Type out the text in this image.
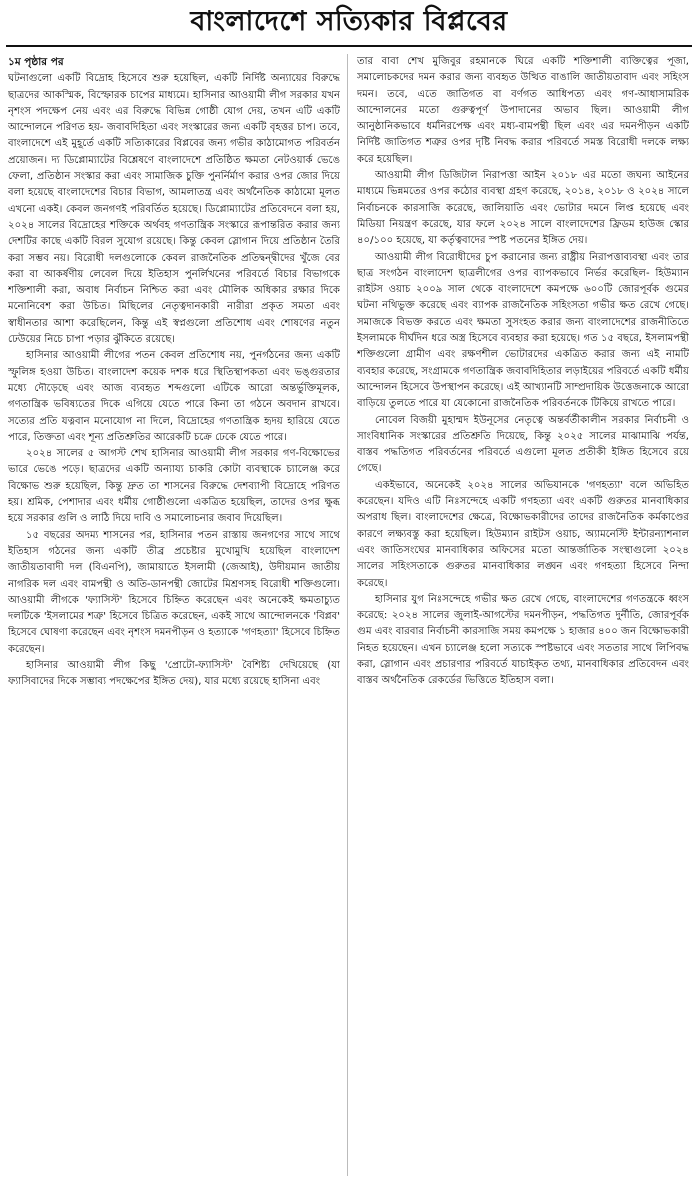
বাংলাদেশে সত্যিকার বিপ্লবের
১ম পৃষ্ঠার পর

ঘটনাগুলো একটি বিদ্রোহ হিসেবে শুরু হয়েছিল, একটি নির্দিষ্ট অন্যায়ের বিরুদ্ধে ছাত্রদের আকস্মিক, বিস্ফোরক চাপের মাধ্যমে। হাসিনার আওয়ামী লীগ সরকার যখন নৃশংস পদক্ষেপ নেয় এবং এর বিরুদ্ধে বিভিন্ন গোষ্ঠী যোগ দেয়, তখন এটি একটি আন্দোলনে পরিণত হয়- জবাবদিহিতা এবং সংস্কারের জন্য একটি বৃহত্তর চাপ। তবে, বাংলাদেশে এই মুহূর্তে একটি সত্যিকারের বিপ্লবের জন্য গভীর কাঠামোগত পরিবর্তন প্রয়োজন। দ্য ডিপ্লোম্যাটের বিশ্লেষণে বাংলাদেশে প্রতিষ্ঠিত ক্ষমতা নেটওয়ার্ক ভেঙে ফেলা, প্রতিষ্ঠান সংস্কার করা এবং সামাজিক চুক্তি পুনর্নির্মাণ করার ওপর জোর দিয়ে বলা হয়েছে বাংলাদেশের বিচার বিভাগ, আমলাতন্ত্র এবং অর্থনৈতিক কাঠামো মূলত এখনো একই। কেবল জনগণই পরিবর্তিত হয়েছে। ডিপ্লোম্যাটের প্রতিবেদনে বলা হয়, ২০২৪ সালের বিদ্রোহের শক্তিকে অর্থবহ গণতান্ত্রিক সংস্কারে রূপান্তরিত করার জন্য দেশটির কাছে একটি বিরল সুযোগ রয়েছে। কিন্তু কেবল স্লোগান দিয়ে প্রতিষ্ঠান তৈরি করা সম্ভব নয়। বিরোধী দলগুলোকে কেবল রাজনৈতিক প্রতিদ্বন্দ্বীদের খুঁজে বের করা বা আকর্ষণীয় লেবেল দিয়ে ইতিহাস পুনর্লিখনের পরিবর্তে বিচার বিভাগকে শক্তিশালী করা, অবাধ নির্বাচন নিশ্চিত করা এবং মৌলিক অধিকার রক্ষার দিকে মনোনিবেশ করা উচিত। মিছিলের নেতৃত্বদানকারী নারীরা প্রকৃত সমতা এবং স্বাধীনতার আশা করেছিলেন, কিন্তু এই স্বপ্নগুলো প্রতিশোধ এবং শোষণের নতুন ঢেউয়ের নিচে চাপা পড়ার ঝুঁকিতে রয়েছে।

হাসিনার আওয়ামী লীগের পতন কেবল প্রতিশোধ নয়, পুনর্গঠনের জন্য একটি স্ফুলিঙ্গ হওয়া উচিত। বাংলাদেশ কয়েক দশক ধরে স্থিতিস্থাপকতা এবং ভঙ্গুরতার মধ্যে দৌড়েছে এবং আজ ব্যবহৃত শব্দগুলো এটিকে আরো অন্তর্ভুক্তিমূলক, গণতান্ত্রিক ভবিষ্যতের দিকে এগিয়ে যেতে পারে কিনা তা গঠনে অবদান রাখবে। সত্যের প্রতি যত্নবান মনোযোগ না দিলে, বিদ্রোহের গণতান্ত্রিক হৃদয় হারিয়ে যেতে পারে, তিক্ততা এবং শূন্য প্রতিশ্রুতির আরেকটি চক্রে ঢেকে যেতে পারে।

২০২৪ সালের ৫ আগস্ট শেখ হাসিনার আওয়ামী লীগ সরকার গণ-বিক্ষোভের ভারে ভেঙে পড়ে। ছাত্রদের একটি অন্যায্য চাকরি কোটা ব্যবস্থাকে চ্যালেঞ্জ করে বিক্ষোভ শুরু হয়েছিল, কিন্তু দ্রুত তা শাসনের বিরুদ্ধে দেশব্যাপী বিদ্রোহে পরিণত হয়। শ্রমিক, পেশাদার এবং ধর্মীয় গোষ্ঠীগুলো একত্রিত হয়েছিল, তাদের ওপর ক্ষুব্ধ হয়ে সরকার গুলি ও লাঠি দিয়ে দাবি ও সমালোচনার জবাব দিয়েছিল।

১৫ বছরের অদম্য শাসনের পর, হাসিনার পতন রাস্তায় জনগণের সাথে সাথে ইতিহাস গঠনের জন্য একটি তীব্র প্রচেষ্টার মুখোমুখি হয়েছিল বাংলাদেশ জাতীয়তাবাদী দল (বিএনপি), জামায়াতে ইসলামী (জেআই), উদীয়মান জাতীয় নাগরিক দল এবং বামপন্থী ও অতি-ডানপন্থী জোটের মিশ্রণসহ বিরোধী শক্তিগুলো। আওয়ামী লীগকে 'ফ্যাসিস্ট' হিসেবে চিহ্নিত করেছেন এবং অনেকেই ক্ষমতাচ্যুত দলটিকে 'ইসলামের শত্রু' হিসেবে চিত্রিত করেছেন, একই সাথে আন্দোলনকে 'বিপ্লব' হিসেবে ঘোষণা করেছেন এবং নৃশংস দমনপীড়ন ও হত্যাকে 'গণহত্যা' হিসেবে চিহ্নিত করেছেন।

হাসিনার আওয়ামী লীগ কিছু 'প্রোটো-ফ্যাসিস্ট' বৈশিষ্ট্য দেখিয়েছে (যা ফ্যাসিবাদের দিকে সম্ভাব্য পদক্ষেপের ইঙ্গিত দেয়), যার মধ্যে রয়েছে হাসিনা এবং

তার বাবা শেখ মুজিবুর রহমানকে ঘিরে একটি শক্তিশালী ব্যক্তিত্বের পূজা, সমালোচকদের দমন করার জন্য ব্যবহৃত উত্থিত বাঙালি জাতীয়তাবাদ এবং সহিংস দমন। তবে, এতে জাতিগত বা বর্ণগত আধিপত্য এবং গণ-আধাসামরিক আন্দোলনের মতো গুরুত্বপূর্ণ উপাদানের অভাব ছিল। আওয়ামী লীগ আনুষ্ঠানিকভাবে ধর্মনিরপেক্ষ এবং মধ্য-বামপন্থী ছিল এবং এর দমনপীড়ন একটি নির্দিষ্ট জাতিগত শত্রুর ওপর দৃষ্টি নিবদ্ধ করার পরিবর্তে সমস্ত বিরোধী দলকে লক্ষ্য করে হয়েছিল।

আওয়ামী লীগ ডিজিটাল নিরাপত্তা আইন ২০১৮ এর মতো জঘন্য আইনের মাধ্যমে ভিন্নমতের ওপর কঠোর ব্যবস্থা গ্রহণ করেছে, ২০১৪, ২০১৮ ও ২০২৪ সালে নির্বাচনকে কারসাজি করেছে, জালিয়াতি এবং ভোটার দমনে লিপ্ত হয়েছে এবং মিডিয়া নিয়ন্ত্রণ করেছে, যার ফলে ২০২৪ সালে বাংলাদেশের ফ্রিডম হাউজ স্কোর ৪০/১০০ হয়েছে, যা কর্তৃত্ববাদের স্পষ্ট পতনের ইঙ্গিত দেয়।

আওয়ামী লীগ বিরোধীদের চুপ করানোর জন্য রাষ্ট্রীয় নিরাপত্তাব্যবস্থা এবং তার ছাত্র সংগঠন বাংলাদেশ ছাত্রলীগের ওপর ব্যাপকভাবে নির্ভর করেছিল- হিউম্যান রাইটস ওয়াচ ২০০৯ সাল থেকে বাংলাদেশে কমপক্ষে ৬০০টি জোরপূর্বক গুমের ঘটনা নথিভুক্ত করেছে এবং ব্যাপক রাজনৈতিক সহিংসতা গভীর ক্ষত রেখে গেছে। সমাজকে বিভক্ত করতে এবং ক্ষমতা সুসংহত করার জন্য বাংলাদেশের রাজনীতিতে ইসলামকে দীর্ঘদিন ধরে অস্ত্র হিসেবে ব্যবহার করা হয়েছে। গত ১৫ বছরে, ইসলামপন্থী শক্তিগুলো গ্রামীণ এবং রক্ষণশীল ভোটারদের একত্রিত করার জন্য এই নামটি ব্যবহার করেছে, সংগ্রামকে গণতান্ত্রিক জবাবদিহিতার লড়াইয়ের পরিবর্তে একটি ধর্মীয় আন্দোলন হিসেবে উপস্থাপন করেছে। এই আখ্যানটি সাম্প্রদায়িক উত্তেজনাকে আরো বাড়িয়ে তুলতে পারে যা যেকোনো রাজনৈতিক পরিবর্তনকে টিকিয়ে রাখতে পারে।

নোবেল বিজয়ী মুহাম্মদ ইউনূসের নেতৃত্বে অন্তর্বর্তীকালীন সরকার নির্বাচনী ও সাংবিধানিক সংস্কারের প্রতিশ্রুতি দিয়েছে, কিন্তু ২০২৫ সালের মাঝামাঝি পর্যন্ত, বাস্তব পদ্ধতিগত পরিবর্তনের পরিবর্তে এগুলো মূলত প্রতীকী ইঙ্গিত হিসেবে রয়ে গেছে।

একইভাবে, অনেকেই ২০২৪ সালের অভিযানকে 'গণহত্যা' বলে অভিহিত করেছেন। যদিও এটি নিঃসন্দেহে একটি গণহত্যা এবং একটি গুরুতর মানবাধিকার অপরাধ ছিল। বাংলাদেশের ক্ষেত্রে, বিক্ষোভকারীদের তাদের রাজনৈতিক কর্মকাণ্ডের কারণে লক্ষ্যবস্তু করা হয়েছিল। হিউম্যান রাইটস ওয়াচ, অ্যামনেস্টি ইন্টারন্যাশনাল এবং জাতিসংঘের মানবাধিকার অফিসের মতো আন্তর্জাতিক সংস্থাগুলো ২০২৪ সালের সহিংসতাকে গুরুতর মানবাধিকার লঙ্ঘন এবং গণহত্যা হিসেবে নিন্দা করেছে।

হাসিনার যুগ নিঃসন্দেহে গভীর ক্ষত রেখে গেছে, বাংলাদেশের গণতন্ত্রকে ধ্বংস করেছে: ২০২৪ সালের জুলাই-আগস্টের দমনপীড়ন, পদ্ধতিগত দুর্নীতি, জোরপূর্বক গুম এবং বারবার নির্বাচনী কারসাজি সময় কমপক্ষে ১ হাজার ৪০০ জন বিক্ষোভকারী নিহত হয়েছেন। এখন চ্যালেঞ্জ হলো সত্যকে স্পষ্টভাবে এবং সততার সাথে লিপিবদ্ধ করা, স্লোগান এবং প্রচারণার পরিবর্তে যাচাইকৃত তথ্য, মানবাধিকার প্রতিবেদন এবং বাস্তব অর্থনৈতিক রেকর্ডের ভিত্তিতে ইতিহাস বলা।
